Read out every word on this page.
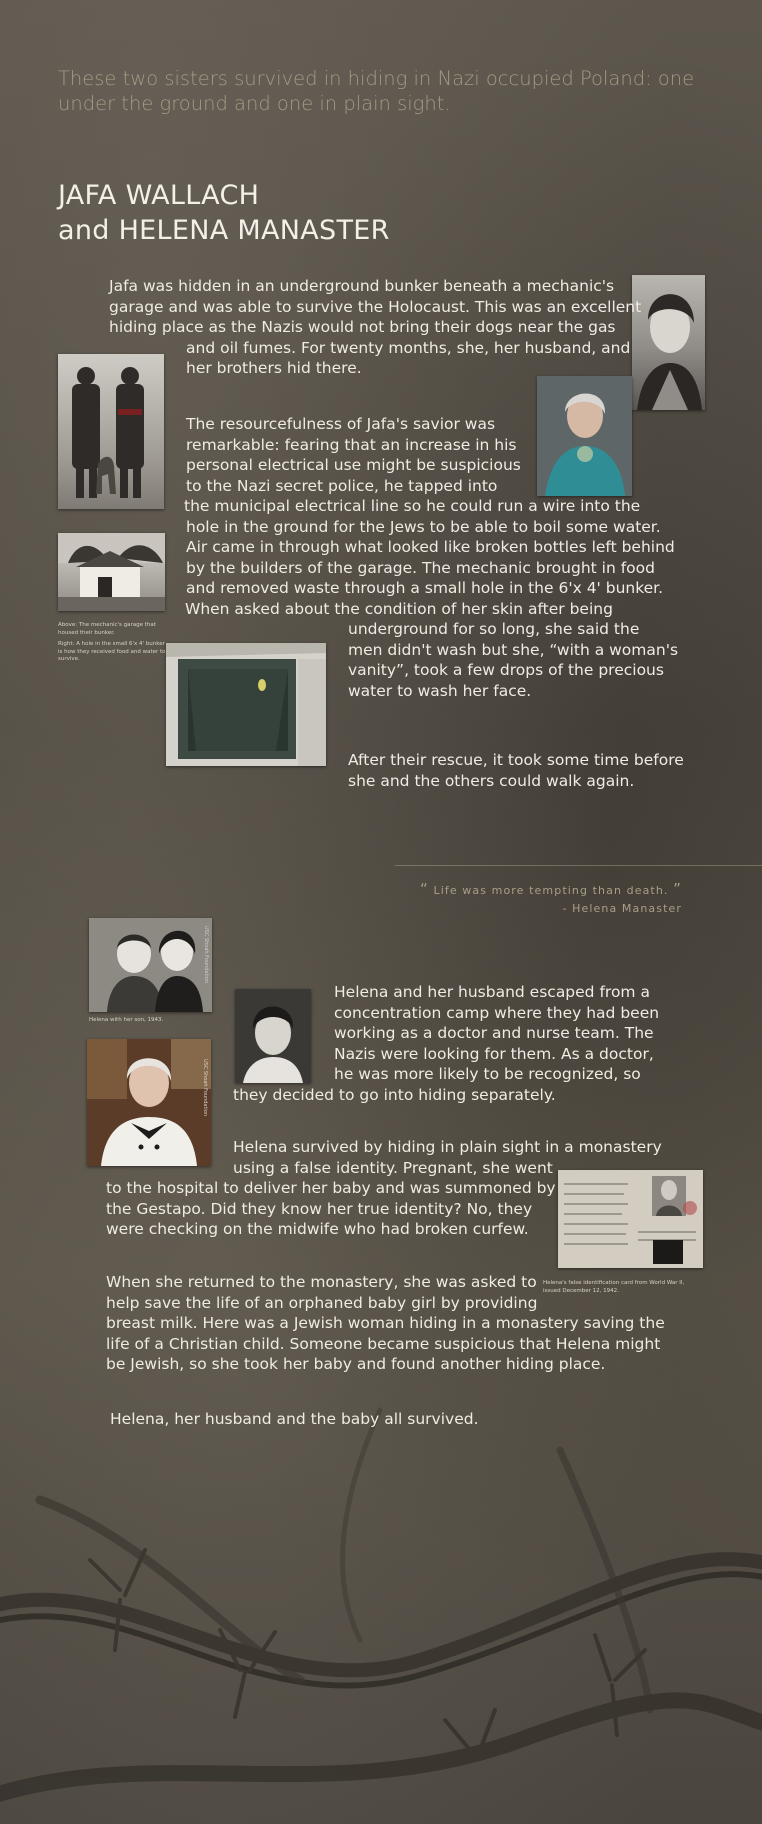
These two sisters survived in hiding in Nazi occupied Poland: one under the ground and one in plain sight.
JAFA WALLACH
and HELENA MANASTER
Above: The mechanic's garage that housed their bunker.
Right: A hole in the small 6'x 4' bunker is how they received food and water to survive.
Jafa was hidden in an underground bunker beneath a mechanic's
garage and was able to survive the Holocaust. This was an excellent
hiding place as the Nazis would not bring their dogs near the gas
and oil fumes. For twenty months, she, her husband, and
her brothers hid there.
The resourcefulness of Jafa's savior was
remarkable: fearing that an increase in his
personal electrical use might be suspicious
to the Nazi secret police, he tapped into
the municipal electrical line so he could run a wire into the
hole in the ground for the Jews to be able to boil some water.
Air came in through what looked like broken bottles left behind
by the builders of the garage. The mechanic brought in food
and removed waste through a small hole in the 6'x 4' bunker.
When asked about the condition of her skin after being
underground for so long, she said the
men didn't wash but she, “with a woman's
vanity”, took a few drops of the precious
water to wash her face.
After their rescue, it took some time before
she and the others could walk again.
“ Life was more tempting than death. ”
- Helena Manaster
USC Shoah Foundation
Helena with her son, 1943.
USC Shoah Foundation
Helena's false identification card from World War II, issued December 12, 1942.
Helena and her husband escaped from a
concentration camp where they had been
working as a doctor and nurse team. The
Nazis were looking for them. As a doctor,
he was more likely to be recognized, so
they decided to go into hiding separately.
Helena survived by hiding in plain sight in a monastery
using a false identity. Pregnant, she went
to the hospital to deliver her baby and was summoned by
the Gestapo. Did they know her true identity? No, they
were checking on the midwife who had broken curfew.
When she returned to the monastery, she was asked to
help save the life of an orphaned baby girl by providing
breast milk. Here was a Jewish woman hiding in a monastery saving the
life of a Christian child. Someone became suspicious that Helena might
be Jewish, so she took her baby and found another hiding place.
Helena, her husband and the baby all survived.
